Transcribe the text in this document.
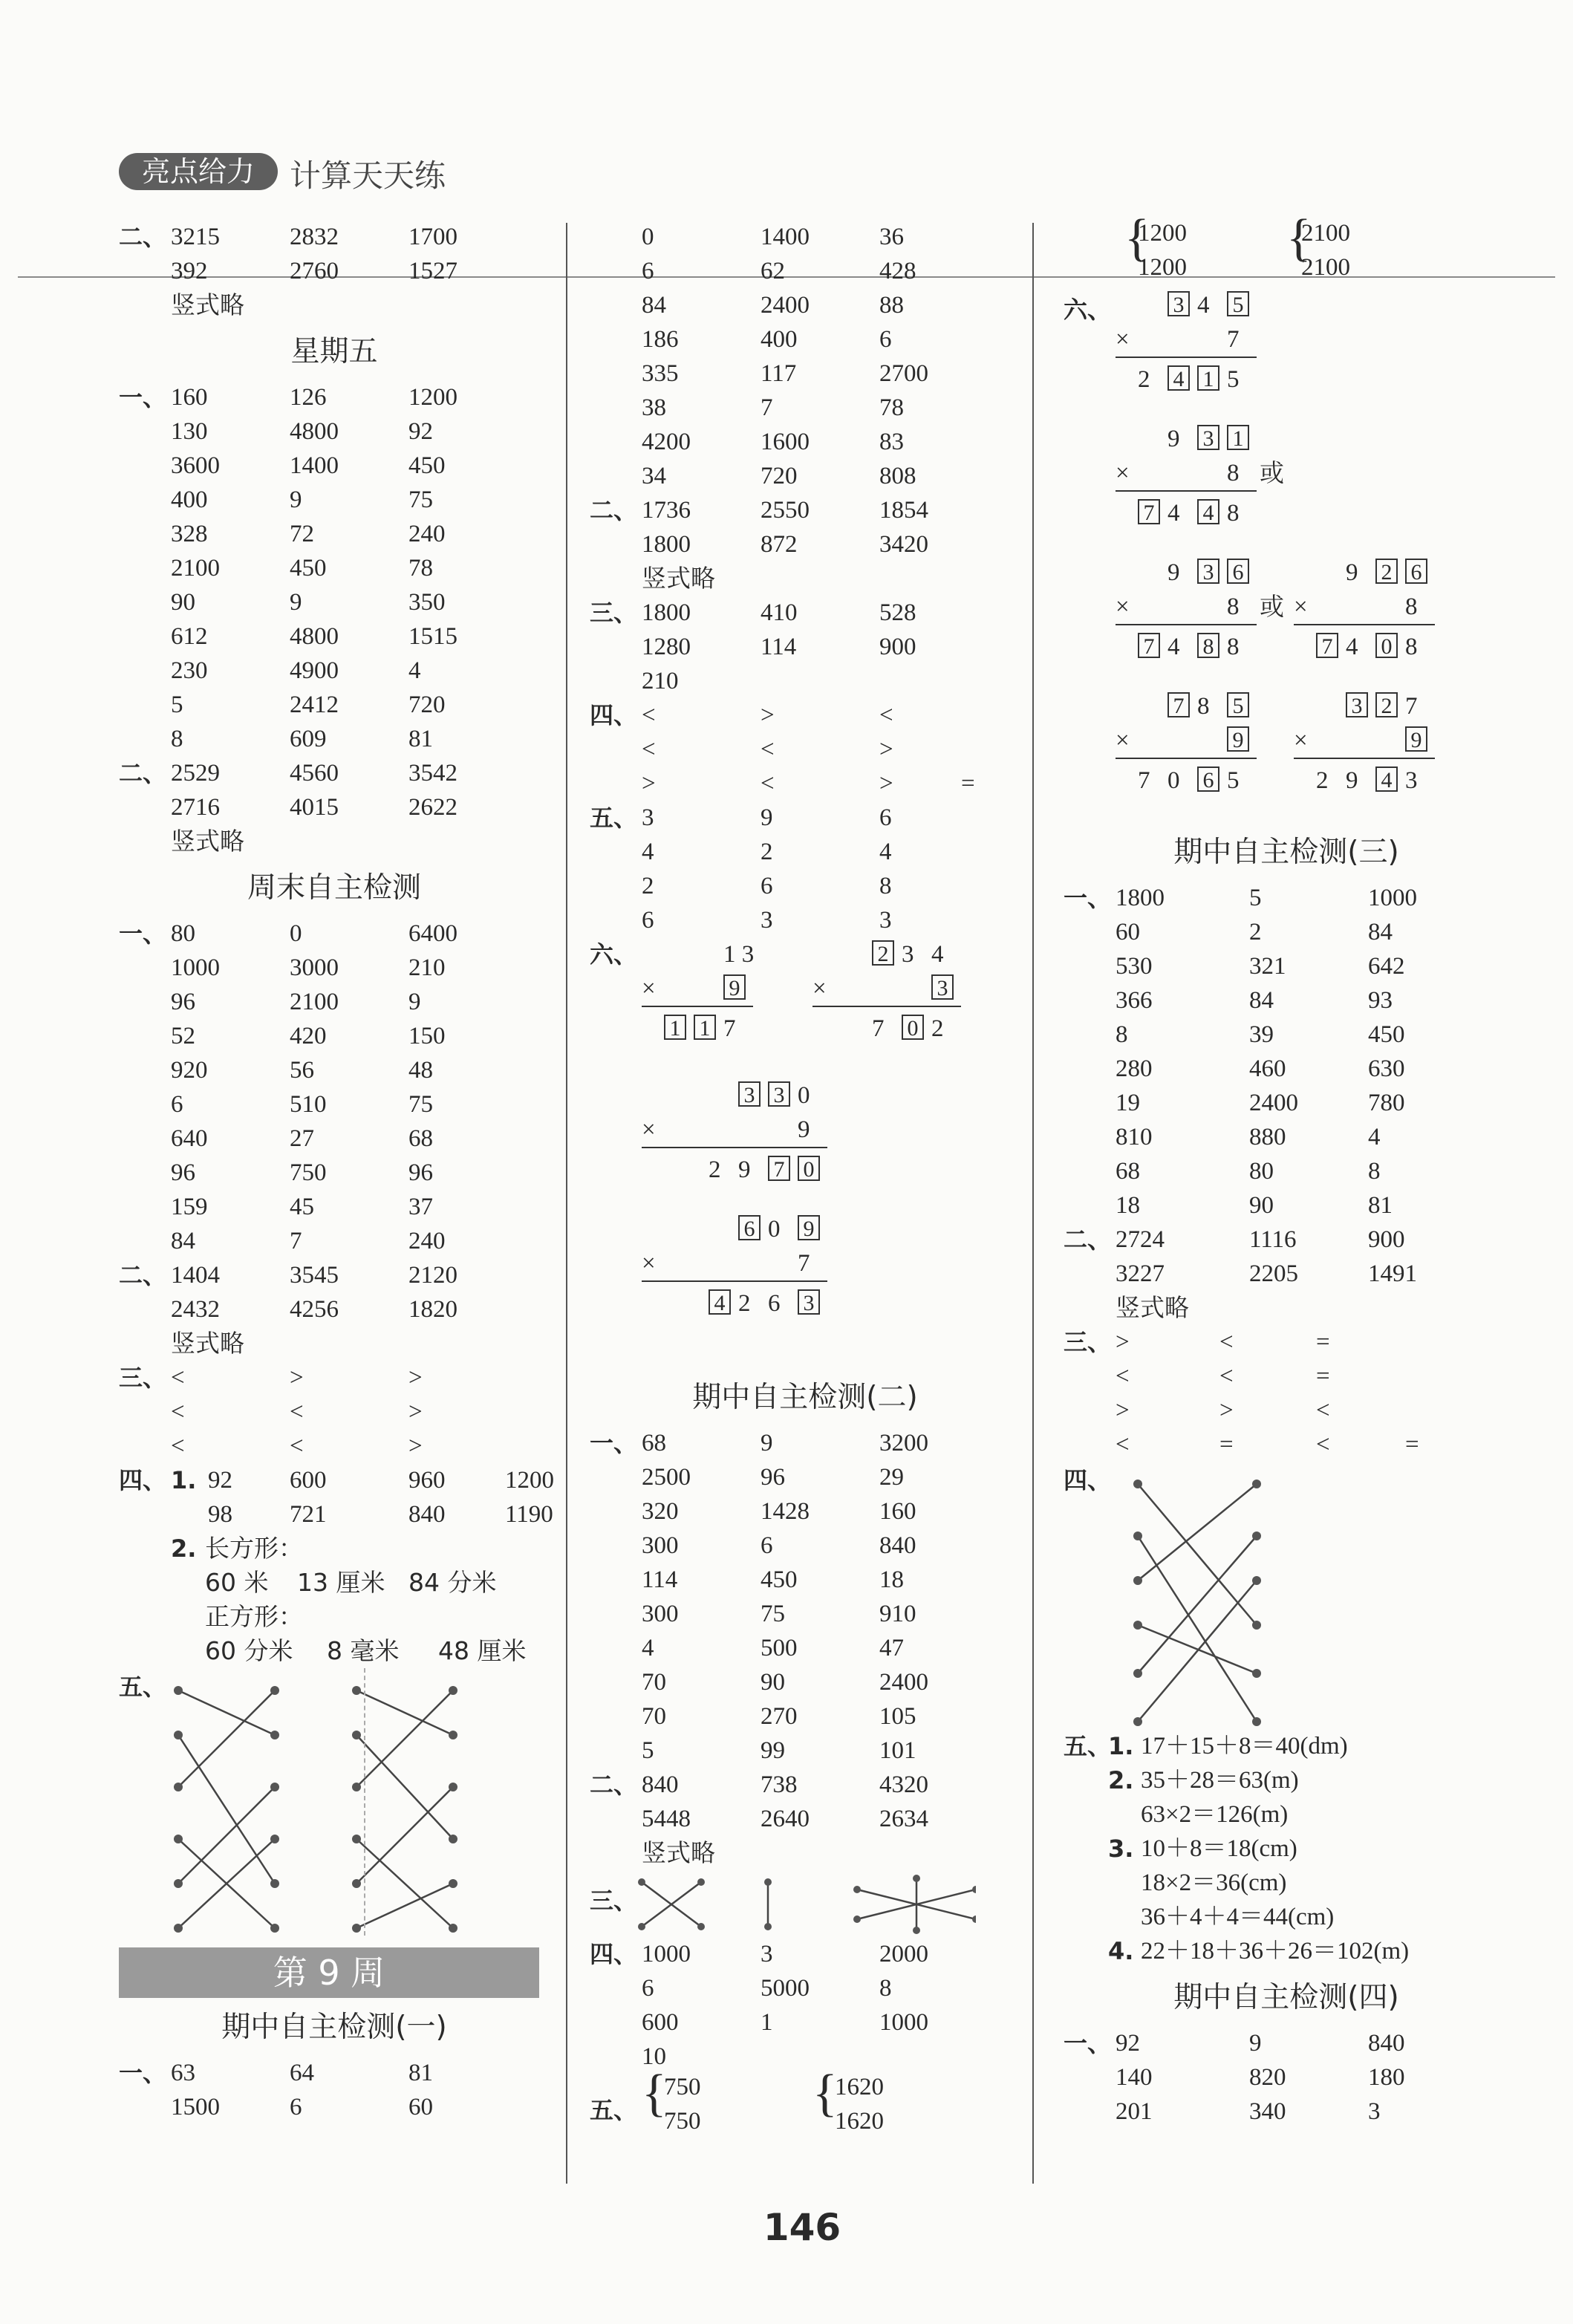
亮点给力	计算天天练
二、 3215	2832	1700
392	2760	1527
竖式略
星期五
一、 160	126	1200
130	4800	92
3600	1400	450
400	9	75
328	72	240
2100	450	78
90	9	350
612	4800	1515
230	4900	4
5	2412	720
8	609	81
二、 2529	4560	3542
2716	4015	2622
竖式略
周末自主检测
一、 80	0	6400
1000	3000	210
96	2100	9
52	420	150
920	56	48
6	510	75
640	27	68
96	750	96
159	45	37
84	7	240
二、 1404	3545	2120
2432	4256	1820
竖式略
三、 <	>	>
<	<	>
<	<	>
四、 1. 92 600	960 1200
98 721	840 1190
2. 长方形：
60 米 13 厘米 84 分米
正方形：
60 分米 8 毫米 48 厘米
五、
第 9 周
期中自主检测(一)
一、 63	64	81
1500	6	60
0	1400	36
6	62	428
84	2400	88
186	400	6
335	117	2700
38	7	78
4200	1600	83
34	720	808
二、 1736	2550	1854
1800	872	3420
竖式略
三、 1800	410	528
1280	114	900
210
四、 <	>	<
<	<	>
>	<	>	=
五、 3	9	6
4	2	4
2	6	8
6	3	3
六、	1 3
×	9
1 1 7
2 3 4
×	3
7 0 2
3 3 0
×	9
2 9 7 0
6 0 9
×	7
4 2 6 3
期中自主检测(二)
一、 68	9	3200
2500	96	29
320	1428	160
300	6	840
114	450	18
300	75	910
4	500	47
70	90	2400
70	270	105
5	99	101
二、 840	738	4320
5448	2640	2634
竖式略
三、
四、 1000	3	2000
6	5000	8
600	1	1000
10
五、 {
750
750 {
1620
1620
{
1200
1200
{
2100
2100
六、	3 4 5
×	7
2 4 1 5
9 3 1
×	8 或
7 4 4 8
9 3 6
×	8 或
7 4 8 8
9 2 6
×	8
7 4 0 8
7 8 5
×	9
7 0 6 5
3 2 7
×	9
2 9 4 3
期中自主检测(三)
一、 1800	5	1000
60	2	84
530	321	642
366	84	93
8	39	450
280	460	630
19	2400	780
810	880	4
68	80	8
18	90	81
二、 2724	1116	900
3227	2205	1491
竖式略
三、 >	<	=
<	<	=
>	>	<
<	=	<	=
四、
五、
1. 17＋15＋8＝40(dm)
2. 35＋28＝63(m)
63×2＝126(m)
3. 10＋8＝18(cm)
18×2＝36(cm)
36＋4＋4＝44(cm)
4. 22＋18＋36＋26＝102(m)
期中自主检测(四)
一、 92	9	840
140	820	180
201	340	3
146
